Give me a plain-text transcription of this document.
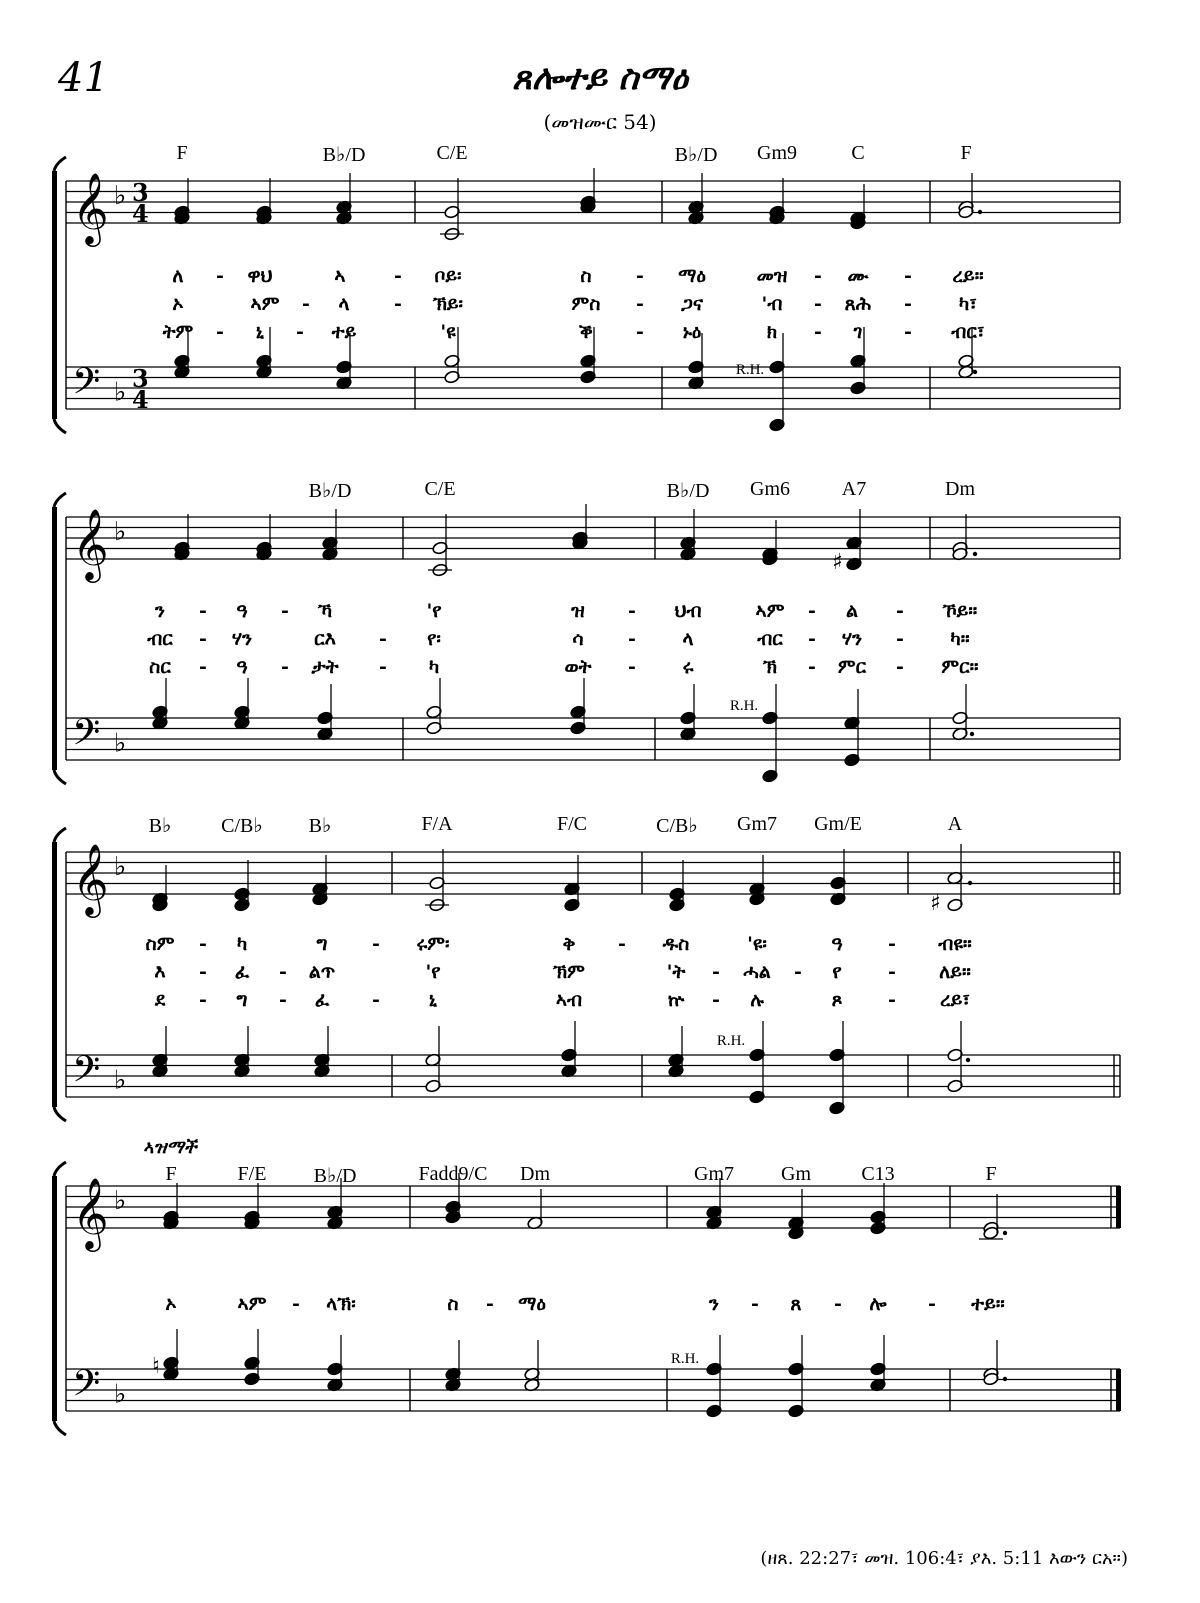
41	ጸሎተይ ስማዕ
(መዝሙር 54)
ኣዝማች
F	B♭/D	C/E	B♭/D Gm9	C	F
B♭/D	C/E	B♭/D Gm6	A7	Dm
B♭ C/B♭ B♭	F/A	F/C	C/B♭ Gm7 Gm/E	A
F	F/E B♭/D	Fadd9/C Dm	Gm7 Gm	C13	F
R.H.
R.H.
R.H.
R.H.
ለ - ዋህ	ኣ	- ቦይ፡	ስ - ማዕ	መዝ - ሙ - ረይ።
ኦ	ኣም - ላ - ኽይ፡	ምስ - ጋና	'ብ - ጸሕ - ካ፣
ትም - ኒ - ተይ	'ዩ	ቕ - ኑዕ	ክ - ገ - ብር፣
ን - ዓ - ኻ	'የ	ዝ - ህብ	ኣም - ል - ኾይ።
ብር - ሃን	ርእ - የ፡	ሳ - ላ	ብር - ሃን - ካ።
ስር - ዓ - ታት - ካ	ወት - ሩ	ኽ - ምር - ምር።
ስም - ካ	ግ - ሩም፡	ቅ - ዱስ	'ዩ፡	ዓ - ብዩ።
እ - ፈ - ልጥ	'የ	ኽም	'ት - ሓል - የ - ለይ።
ደ - ግ - ፈ -	ኒ	ኣብ	ኵ - ሉ	ጾ - ረይ፣
ኦ	ኣም - ላኽ፡	ስ - ማዕ	ን - ጸ - ሎ - ተይ።
(ዘጸ. 22:27፣ መዝ. 106:4፣ ያእ. 5:11 እውን ርአ።)
𝄞 ♭ 3
4
𝄢 ♭ 3
4
𝄞 ♭
𝄢 ♭
𝄞 ♭
𝄢 ♭
𝄞 ♭
𝄢 ♭
♯
♯
♮
